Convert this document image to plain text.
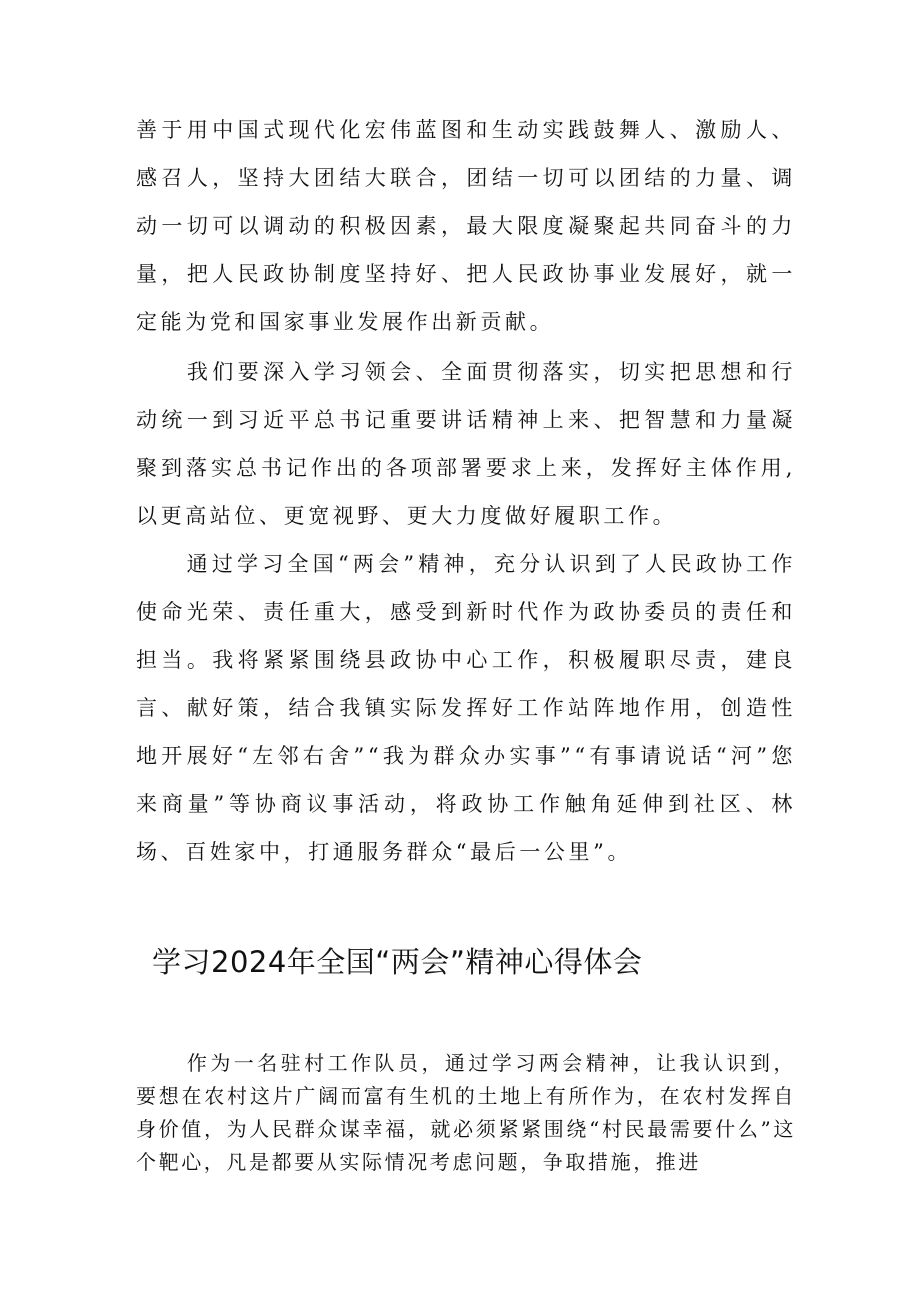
善于用中国式现代化宏伟蓝图和生动实践鼓舞人、激励人、感召人，坚持大团结大联合，团结一切可以团结的力量、调动一切可以调动的积极因素，最大限度凝聚起共同奋斗的力量，把人民政协制度坚持好、把人民政协事业发展好，就一定能为党和国家事业发展作出新贡献。

我们要深入学习领会、全面贯彻落实，切实把思想和行动统一到习近平总书记重要讲话精神上来、把智慧和力量凝聚到落实总书记作出的各项部署要求上来，发挥好主体作用,以更高站位、更宽视野、更大力度做好履职工作。

通过学习全国“两会”精神，充分认识到了人民政协工作使命光荣、责任重大，感受到新时代作为政协委员的责任和担当。我将紧紧围绕县政协中心工作，积极履职尽责，建良言、献好策，结合我镇实际发挥好工作站阵地作用，创造性地开展好“左邻右舍”“我为群众办实事”“有事请说话“河”您来商量”等协商议事活动，将政协工作触角延伸到社区、林场、百姓家中，打通服务群众“最后一公里”。

学习2024年全国“两会”精神心得体会

作为一名驻村工作队员，通过学习两会精神，让我认识到，要想在农村这片广阔而富有生机的土地上有所作为，在农村发挥自身价值，为人民群众谋幸福，就必须紧紧围绕“村民最需要什么”这个靶心，凡是都要从实际情况考虑问题，争取措施，推进
